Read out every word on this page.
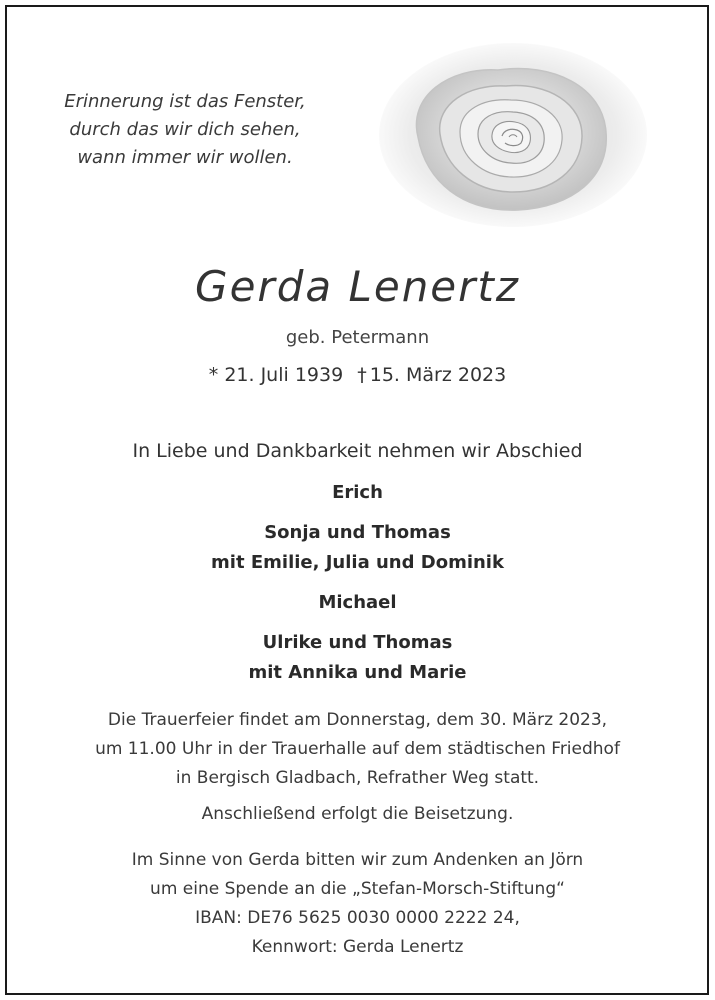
Erinnerung ist das Fenster,
durch das wir dich sehen,
wann immer wir wollen.
Gerda Lenertz
geb. Petermann
* 21. Juli 1939 † 15. März 2023
In Liebe und Dankbarkeit nehmen wir Abschied
Erich
Sonja und Thomas
mit Emilie, Julia und Dominik
Michael
Ulrike und Thomas
mit Annika und Marie
Die Trauerfeier findet am Donnerstag, dem 30. März 2023,
um 11.00 Uhr in der Trauerhalle auf dem städtischen Friedhof
in Bergisch Gladbach, Refrather Weg statt.
Anschließend erfolgt die Beisetzung.
Im Sinne von Gerda bitten wir zum Andenken an Jörn
um eine Spende an die „Stefan-Morsch-Stiftung“
IBAN: DE76 5625 0030 0000 2222 24,
Kennwort: Gerda Lenertz
